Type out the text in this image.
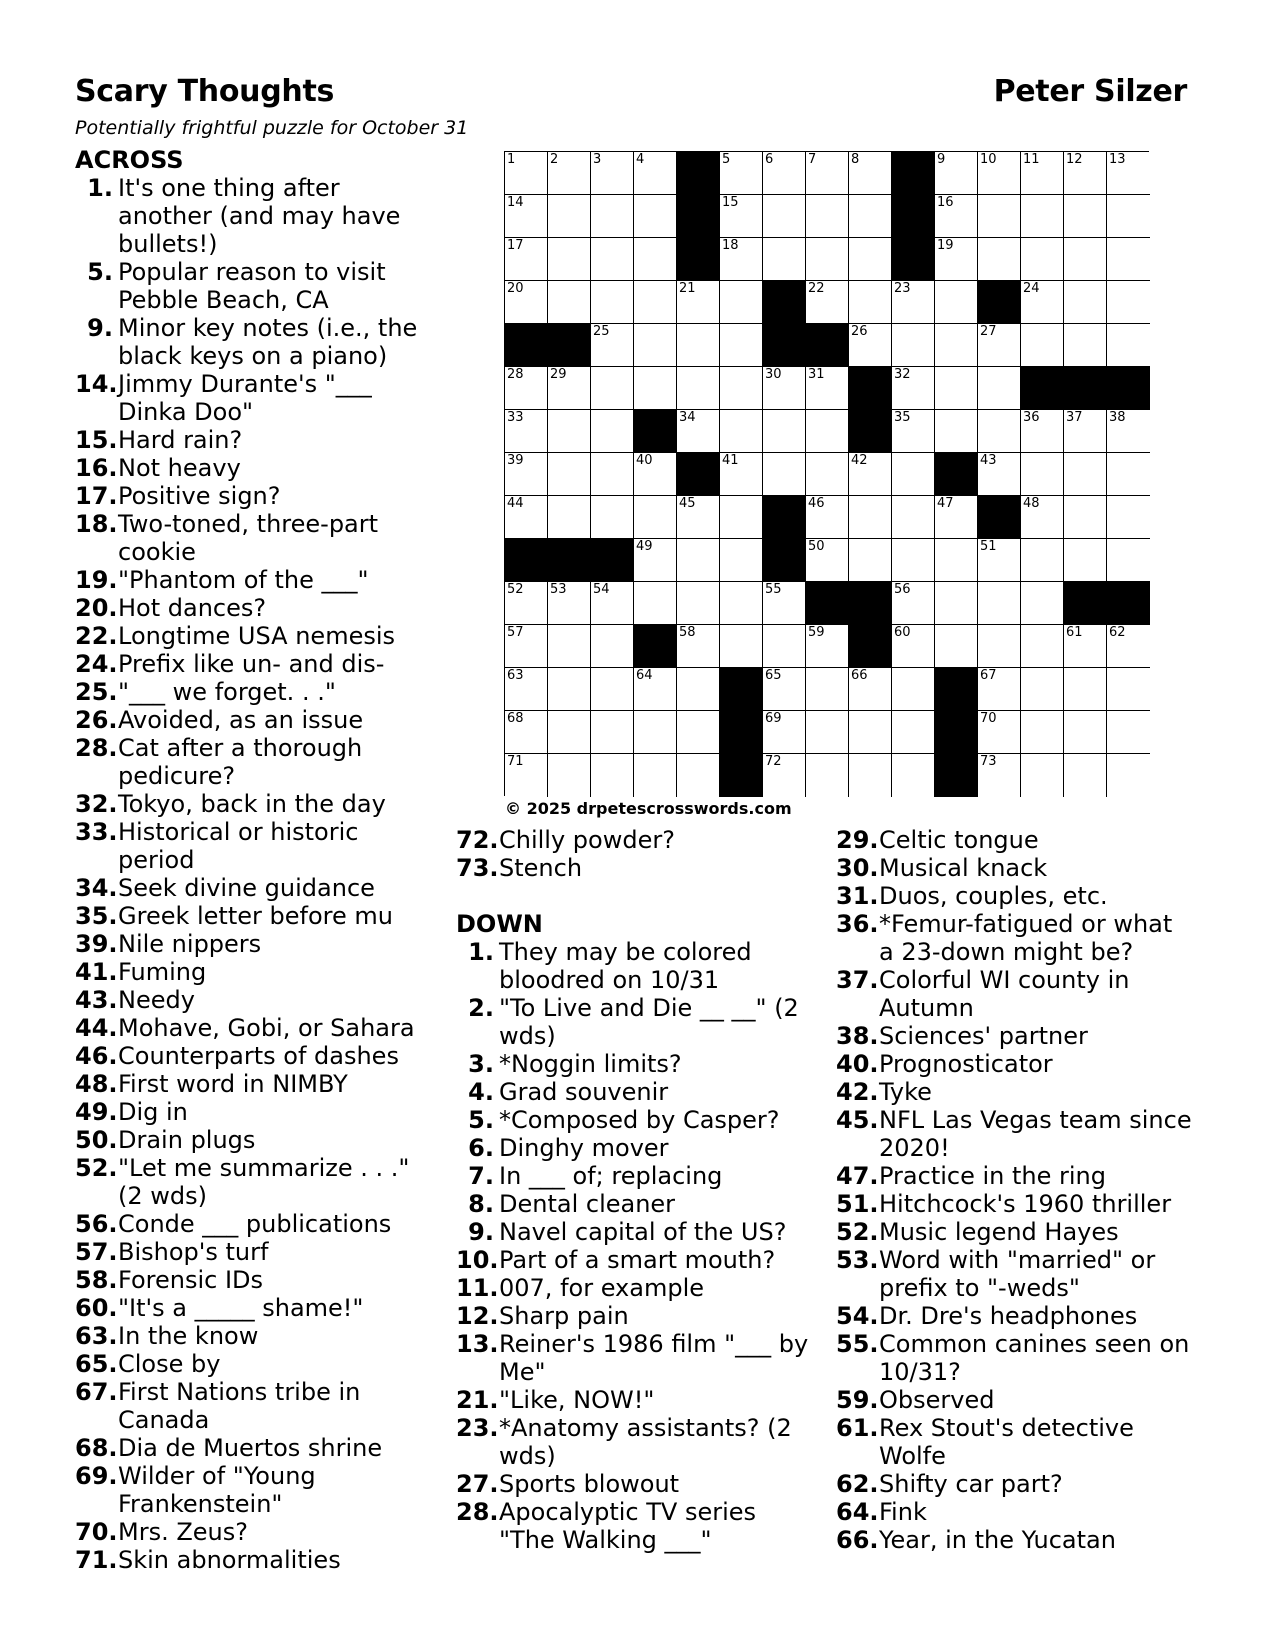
Scary Thoughts	Peter Silzer
Potentially frightful puzzle for October 31
1	2	3	4	5	6	7	8	9	10 11 12 13
14	15	16
17	18	19
20	21	22	23	24
25	26	27
28 29	30 31	32
33	34	35	36 37 38
39	40	41	42	43
44	45	46	47	48
49	50	51
52 53 54	55	56
57	58	59	60	61 62
63	64	65	66	67
68	69	70
71	72	73
© 2025 drpetescrosswords.com
ACROSS
1. It's one thing after
another (and may have
bullets!)
5. Popular reason to visit
Pebble Beach, CA
9. Minor key notes (i.e., the
black keys on a piano)
14. Jimmy Durante's "___
Dinka Doo"
15. Hard rain?
16. Not heavy
17. Positive sign?
18. Two-toned, three-part
cookie
19. "Phantom of the ___"
20. Hot dances?
22. Longtime USA nemesis
24. Prefix like un- and dis-
25. "___ we forget. . ."
26. Avoided, as an issue
28. Cat after a thorough
pedicure?
32. Tokyo, back in the day
33. Historical or historic
period
34. Seek divine guidance
35. Greek letter before mu
39. Nile nippers
41. Fuming
43. Needy
44. Mohave, Gobi, or Sahara
46. Counterparts of dashes
48. First word in NIMBY
49. Dig in
50. Drain plugs
52. "Let me summarize . . ."
(2 wds)
56. Conde ___ publications
57. Bishop's turf
58. Forensic IDs
60. "It's a _____ shame!"
63. In the know
65. Close by
67. First Nations tribe in
Canada
68. Dia de Muertos shrine
69. Wilder of "Young
Frankenstein"
70. Mrs. Zeus?
71. Skin abnormalities
72. Chilly powder?
73. Stench
DOWN
1. They may be colored
bloodred on 10/31
2. "To Live and Die __ __" (2
wds)
3. *Noggin limits?
4. Grad souvenir
5. *Composed by Casper?
6. Dinghy mover
7. In ___ of; replacing
8. Dental cleaner
9. Navel capital of the US?
10. Part of a smart mouth?
11. 007, for example
12. Sharp pain
13. Reiner's 1986 film "___ by
Me"
21. "Like, NOW!"
23. *Anatomy assistants? (2
wds)
27. Sports blowout
28. Apocalyptic TV series
"The Walking ___"
29. Celtic tongue
30. Musical knack
31. Duos, couples, etc.
36. *Femur-fatigued or what
a 23-down might be?
37. Colorful WI county in
Autumn
38. Sciences' partner
40. Prognosticator
42. Tyke
45. NFL Las Vegas team since
2020!
47. Practice in the ring
51. Hitchcock's 1960 thriller
52. Music legend Hayes
53. Word with "married" or
prefix to "-weds"
54. Dr. Dre's headphones
55. Common canines seen on
10/31?
59. Observed
61. Rex Stout's detective
Wolfe
62. Shifty car part?
64. Fink
66. Year, in the Yucatan
